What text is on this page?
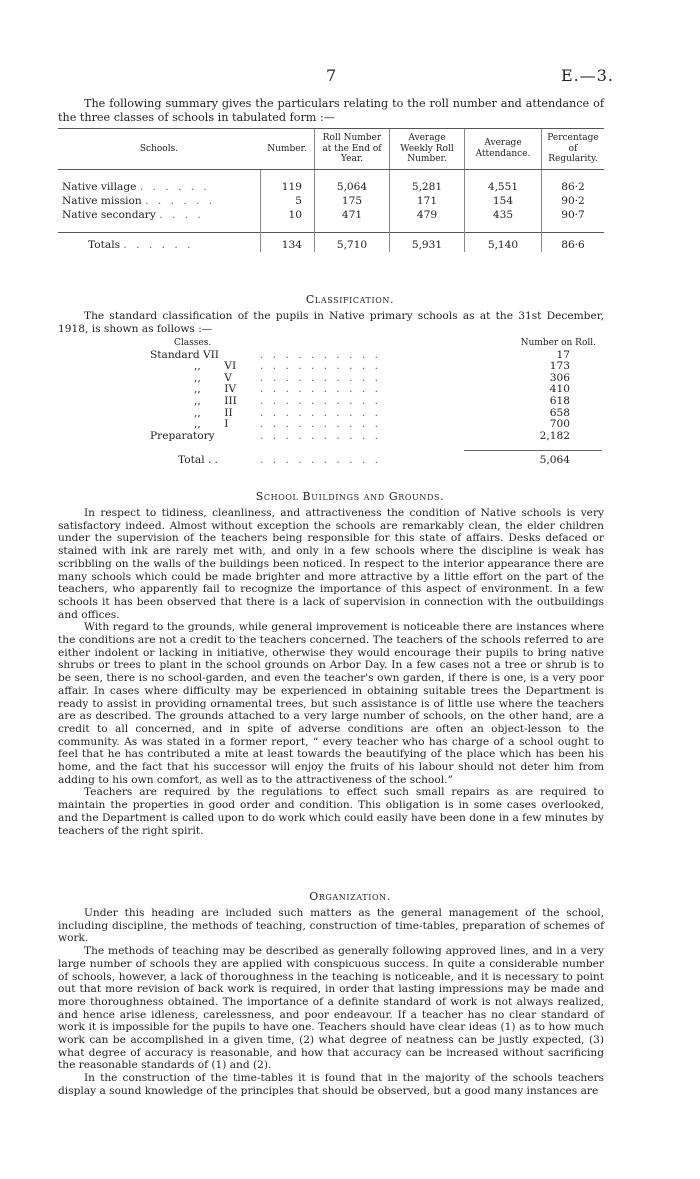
7	E.—3.
The following summary gives the particulars relating to the roll number and attendance of the three classes of schools in tabulated form :—
Schools.	Number.	Roll Number at the End of Year.	Average Weekly Roll Number.	Average Attendance.	Percentage of Regularity.

Native village . . . . . .	119	5,064	5,281	4,551	86·2
Native mission . . . . . .	5	175	171	154	90·2
Native secondary . . . .	10	471	479	435	90·7

Totals . . . . . .	134	5,710	5,931	5,140	86·6
Classification.
The standard classification of the pupils in Native primary schools as at the 31st December, 1918, is shown as follows :—
Classes.		Number on Roll.
Standard VII	. . . . . . . . . .	17
,,       VI	. . . . . . . . . .	173
,,       V	. . . . . . . . . .	306
,,       IV	. . . . . . . . . .	410
,,       III	. . . . . . . . . .	618
,,       II	. . . . . . . . . .	658
,,       I	. . . . . . . . . .	700
Preparatory	. . . . . . . . . .	2,182

Total . .	. . . . . . . . . .	5,064
School Buildings and Grounds.
In respect to tidiness, cleanliness, and attractiveness the condition of Native schools is very satisfactory indeed. Almost without exception the schools are remarkably clean, the elder children under the supervision of the teachers being responsible for this state of affairs. Desks defaced or stained with ink are rarely met with, and only in a few schools where the discipline is weak has scribbling on the walls of the buildings been noticed. In respect to the interior appearance there are many schools which could be made brighter and more attractive by a little effort on the part of the teachers, who apparently fail to recognize the importance of this aspect of environment. In a few schools it has been observed that there is a lack of supervision in connection with the outbuildings and offices.
With regard to the grounds, while general improvement is noticeable there are instances where the conditions are not a credit to the teachers concerned. The teachers of the schools referred to are either indolent or lacking in initiative, otherwise they would encourage their pupils to bring native shrubs or trees to plant in the school grounds on Arbor Day. In a few cases not a tree or shrub is to be seen, there is no school-garden, and even the teacher's own garden, if there is one, is a very poor affair. In cases where difficulty may be experienced in obtaining suitable trees the Department is ready to assist in providing ornamental trees, but such assistance is of little use where the teachers are as described. The grounds attached to a very large number of schools, on the other hand, are a credit to all concerned, and in spite of adverse conditions are often an object-lesson to the community. As was stated in a former report, “ every teacher who has charge of a school ought to feel that he has contributed a mite at least towards the beautifying of the place which has been his home, and the fact that his successor will enjoy the fruits of his labour should not deter him from adding to his own comfort, as well as to the attractiveness of the school.”
Teachers are required by the regulations to effect such small repairs as are required to maintain the properties in good order and condition. This obligation is in some cases overlooked, and the Department is called upon to do work which could easily have been done in a few minutes by teachers of the right spirit.
Organization.
Under this heading are included such matters as the general management of the school, including discipline, the methods of teaching, construction of time-tables, preparation of schemes of work.
The methods of teaching may be described as generally following approved lines, and in a very large number of schools they are applied with conspicuous success. In quite a considerable number of schools, however, a lack of thoroughness in the teaching is noticeable, and it is necessary to point out that more revision of back work is required, in order that lasting impressions may be made and more thoroughness obtained. The importance of a definite standard of work is not always realized, and hence arise idleness, carelessness, and poor endeavour. If a teacher has no clear standard of work it is impossible for the pupils to have one. Teachers should have clear ideas (1) as to how much work can be accomplished in a given time, (2) what degree of neatness can be justly expected, (3) what degree of accuracy is reasonable, and how that accuracy can be increased without sacrificing the reasonable standards of (1) and (2).
In the construction of the time-tables it is found that in the majority of the schools teachers display a sound knowledge of the principles that should be observed, but a good many instances are
